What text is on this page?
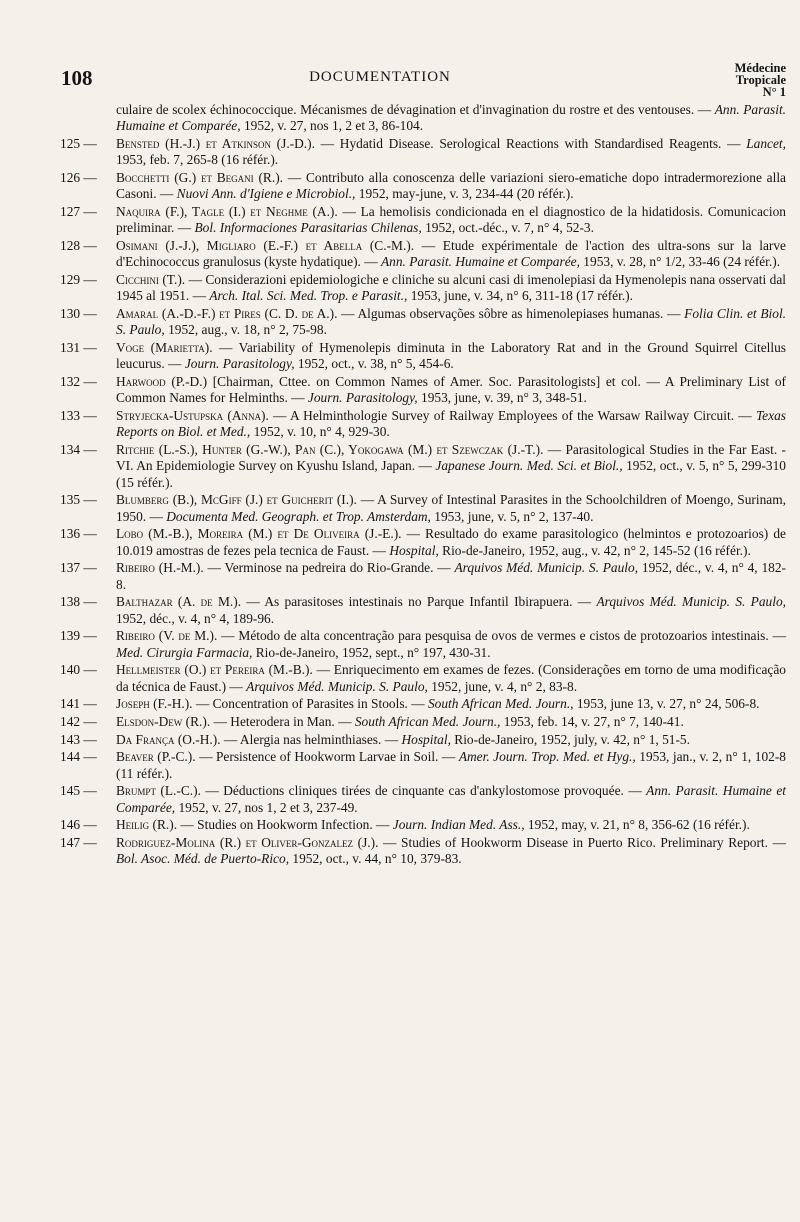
108	DOCUMENTATION
Médecine
Tropicale
N° 1
culaire de scolex échinococcique. Mécanismes de dévagination et d'invagination du rostre et des ventouses. — Ann. Parasit. Humaine et Comparée, 1952, v. 27, nos 1, 2 et 3, 86-104.
125 —	Bensted (H.-J.) et Atkinson (J.-D.). — Hydatid Disease. Serological Reactions with Standardised Reagents. — Lancet, 1953, feb. 7, 265-8 (16 référ.).
126 —	Bocchetti (G.) et Begani (R.). — Contributo alla conoscenza delle variazioni siero-ematiche dopo intradermorezione alla Casoni. — Nuovi Ann. d'Igiene e Microbiol., 1952, may-june, v. 3, 234-44 (20 référ.).
127 —	Naquira (F.), Tagle (I.) et Neghme (A.). — La hemolisis condicionada en el diagnostico de la hidatidosis. Comunicacion preliminar. — Bol. Informaciones Parasitarias Chilenas, 1952, oct.-déc., v. 7, n° 4, 52-3.
128 —	Osimani (J.-J.), Migliaro (E.-F.) et Abella (C.-M.). — Etude expérimentale de l'action des ultra-sons sur la larve d'Echinococcus granulosus (kyste hydatique). — Ann. Parasit. Humaine et Comparée, 1953, v. 28, n° 1/2, 33-46 (24 référ.).
129 —	Cicchini (T.). — Considerazioni epidemiologiche e cliniche su alcuni casi di imenolepiasi da Hymenolepis nana osservati dal 1945 al 1951. — Arch. Ital. Sci. Med. Trop. e Parasit., 1953, june, v. 34, n° 6, 311-18 (17 référ.).
130 —	Amaral (A.-D.-F.) et Pires (C. D. de A.). — Algumas observações sôbre as himenolepiases humanas. — Folia Clin. et Biol. S. Paulo, 1952, aug., v. 18, n° 2, 75-98.
131 —	Voge (Marietta). — Variability of Hymenolepis diminuta in the Laboratory Rat and in the Ground Squirrel Citellus leucurus. — Journ. Parasitology, 1952, oct., v. 38, n° 5, 454-6.
132 —	Harwood (P.-D.) [Chairman, Cttee. on Common Names of Amer. Soc. Parasitologists] et col. — A Preliminary List of Common Names for Helminths. — Journ. Parasitology, 1953, june, v. 39, n° 3, 348-51.
133 —	Stryjecka-Ustupska (Anna). — A Helminthologie Survey of Railway Employees of the Warsaw Railway Circuit. — Texas Reports on Biol. et Med., 1952, v. 10, n° 4, 929-30.
134 —	Ritchie (L.-S.), Hunter (G.-W.), Pan (C.), Yokogawa (M.) et Szewczak (J.-T.). — Parasitological Studies in the Far East. - VI. An Epidemiologie Survey on Kyushu Island, Japan. — Japanese Journ. Med. Sci. et Biol., 1952, oct., v. 5, n° 5, 299-310 (15 référ.).
135 —	Blumberg (B.), McGiff (J.) et Guicherit (I.). — A Survey of Intestinal Parasites in the Schoolchildren of Moengo, Surinam, 1950. — Documenta Med. Geograph. et Trop. Amsterdam, 1953, june, v. 5, n° 2, 137-40.
136 —	Lobo (M.-B.), Moreira (M.) et De Oliveira (J.-E.). — Resultado do exame parasitologico (helmintos e protozoarios) de 10.019 amostras de fezes pela tecnica de Faust. — Hospital, Rio-de-Janeiro, 1952, aug., v. 42, n° 2, 145-52 (16 référ.).
137 —	Ribeiro (H.-M.). — Verminose na pedreira do Rio-Grande. — Arquivos Méd. Municip. S. Paulo, 1952, déc., v. 4, n° 4, 182-8.
138 —	Balthazar (A. de M.). — As parasitoses intestinais no Parque Infantil Ibirapuera. — Arquivos Méd. Municip. S. Paulo, 1952, déc., v. 4, n° 4, 189-96.
139 —	Ribeiro (V. de M.). — Método de alta concentração para pesquisa de ovos de vermes e cistos de protozoarios intestinais. — Med. Cirurgia Farmacia, Rio-de-Janeiro, 1952, sept., n° 197, 430-31.
140 —	Hellmeister (O.) et Pereira (M.-B.). — Enriquecimento em exames de fezes. (Considerações em torno de uma modificação da técnica de Faust.) — Arquivos Méd. Municip. S. Paulo, 1952, june, v. 4, n° 2, 83-8.
141 —	Joseph (F.-H.). — Concentration of Parasites in Stools. — South African Med. Journ., 1953, june 13, v. 27, n° 24, 506-8.
142 —	Elsdon-Dew (R.). — Heterodera in Man. — South African Med. Journ., 1953, feb. 14, v. 27, n° 7, 140-41.
143 —	Da França (O.-H.). — Alergia nas helminthiases. — Hospital, Rio-de-Janeiro, 1952, july, v. 42, n° 1, 51-5.
144 —	Beaver (P.-C.). — Persistence of Hookworm Larvae in Soil. — Amer. Journ. Trop. Med. et Hyg., 1953, jan., v. 2, n° 1, 102-8 (11 référ.).
145 —	Brumpt (L.-C.). — Déductions cliniques tirées de cinquante cas d'ankylostomose provoquée. — Ann. Parasit. Humaine et Comparée, 1952, v. 27, nos 1, 2 et 3, 237-49.
146 —	Heilig (R.). — Studies on Hookworm Infection. — Journ. Indian Med. Ass., 1952, may, v. 21, n° 8, 356-62 (16 référ.).
147 —	Rodriguez-Molina (R.) et Oliver-Gonzalez (J.). — Studies of Hookworm Disease in Puerto Rico. Preliminary Report. — Bol. Asoc. Méd. de Puerto-Rico, 1952, oct., v. 44, n° 10, 379-83.
